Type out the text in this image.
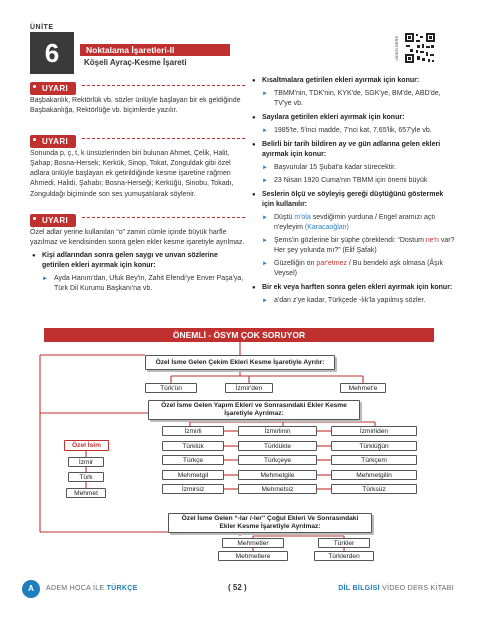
ÜNİTE
6	Noktalama İşaretleri-II
Köşeli Ayraç-Kesme İşareti
VIDEO DERS
UYARI
Başbakanlık, Rektörlük vb. sözler ünlüyle başlayan bir ek geldiğinde Başbakanlığa, Rektörlüğe vb. biçimlerde yazılır.
UYARI
Sonunda p, ç, t, k ünsüzlerinden biri bulunan Ahmet, Çelik, Halit, Şahap; Bosna-Hersek; Kerkük, Sinop, Tokat, Zonguldak gibi özel adlara ünlüyle başlayan ek getirildiğinde kesme işaretine rağmen Ahmedi, Halidi, Şahabı; Bosna-Herseği; Kerküğü, Sinobu, Tokadı, Zonguldağı biçiminde son ses yumuşatılarak söylenir.
UYARI
Özel adlar yerine kullanılan “o” zamiri cümle içinde büyük harfle yazılmaz ve kendisinden sonra gelen ekler kesme işaretiyle ayrılmaz.
● Kişi adlarından sonra gelen saygı ve unvan sözlerine getirilen ekleri ayırmak için konur:
► Ayda Hanım'dan, Ufuk Bey'in, Zahit Efendi'ye Enver Paşa'ya, Türk Dil Kurumu Başkanı'na vb.
● Kısaltmalara getirilen ekleri ayırmak için konur:
► TBMM'nin, TDK'nin, KYK'de, SGK'ye, BM'de, ABD'de, TV'ye vb.
● Sayılara getirilen ekleri ayırmak için konur:
► 1985'te, 5'inci madde, 7'nci kat, 7,65'lik, 657'yle vb.
● Belirli bir tarih bildiren ay ve gün adlarına gelen ekleri ayırmak için konur:
► Başvurular 15 Şubat'a kadar sürecektir.
► 23 Nisan 1920 Cuma'nın TBMM için önemi büyük
● Seslerin ölçü ve söyleyiş gereği düştüğünü göstermek için kullanılır:
► Düştü m'ola sevdiğimin yurduna / Engel aramızı açtı n'eyleyim (Karacaoğlan)
► Şems'in gözlerine bir şüphe çöreklendi: “Dostum ne'n var? Her şey yolunda mı?” (Elif Şafak)
► Güzelliğin on par'etmez / Bu bendeki aşk olmasa (Âşık Veysel)
● Bir ek veya harften sonra gelen ekleri ayırmak için konur:
► a'dan z'ye kadar, Türkçede -lık'la yapılmış sözler.
ÖNEMLİ - ÖSYM ÇOK SORUYOR
Özel İsme Gelen Çekim Ekleri Kesme İşaretiyle Ayrılır:
Türk'ün	İzmir'den	Mehmet'e
Özel İsme Gelen Yapım Ekleri ve Sonrasındaki Ekler Kesme İşaretiyle Ayrılmaz:
Özel İsim
İzmir
Türk
Mehmet
İzmirli	İzmirlinin	İzmirliden
Türklük	Türklükte	Türklüğün
Türkçe	Türkçeye	Türkçem
Mehmetgil	Mehmetgile	Mehmetgilin
İzmirsiz	Mehmetsiz	Türksüz
Özel İsme Gelen “-lar /-ler” Çoğul Ekleri Ve Sonrasındaki Ekler Kesme İşaretiyle Ayrılmaz:
Mehmetler	Türkler
Mehmetlere	Türklerden
A	ADEM HOCA İLE TÜRKÇE	( 52 )	DİL BİLGİSİ VİDEO DERS KİTABI
